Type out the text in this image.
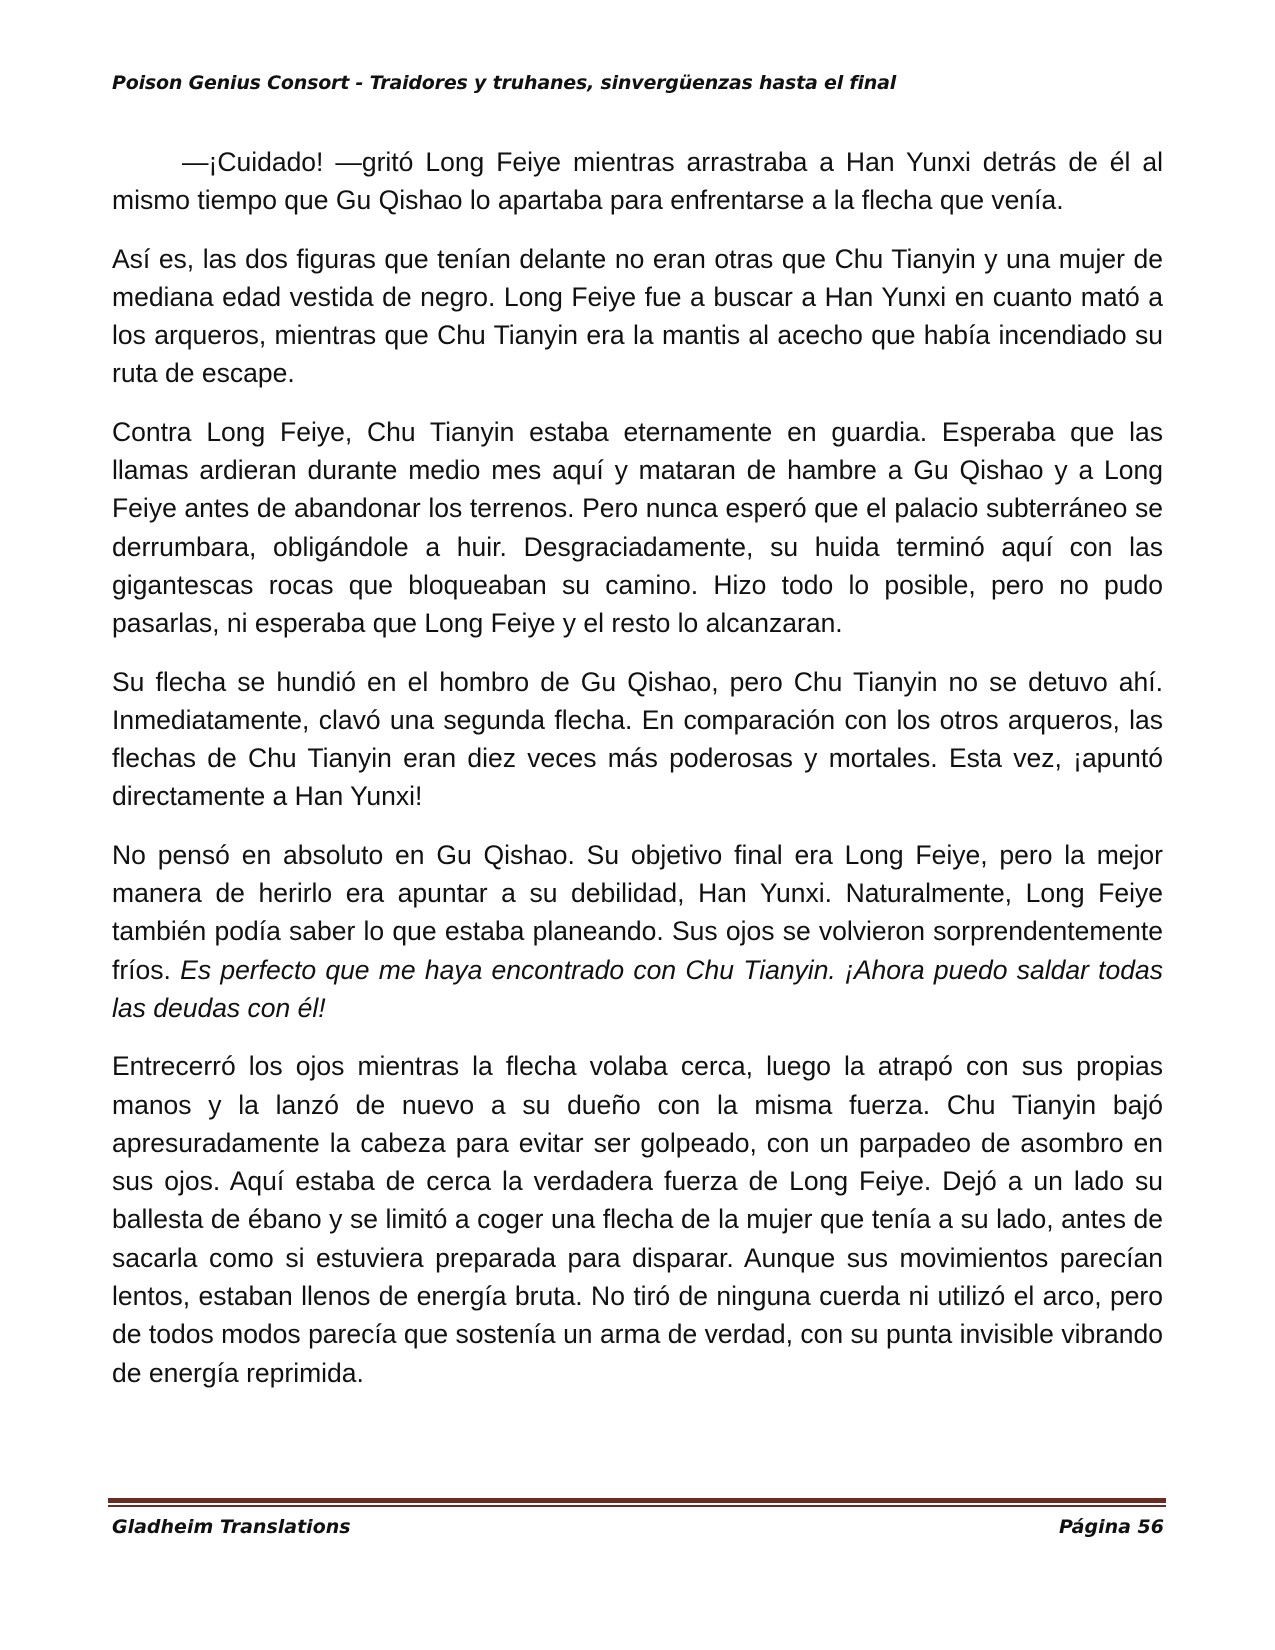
Poison Genius Consort - Traidores y truhanes, sinvergüenzas hasta el final

—¡Cuidado! —gritó Long Feiye mientras arrastraba a Han Yunxi detrás de él al mismo tiempo que Gu Qishao lo apartaba para enfrentarse a la flecha que venía.

Así es, las dos figuras que tenían delante no eran otras que Chu Tianyin y una mujer de mediana edad vestida de negro. Long Feiye fue a buscar a Han Yunxi en cuanto mató a los arqueros, mientras que Chu Tianyin era la mantis al acecho que había incendiado su ruta de escape.

Contra Long Feiye, Chu Tianyin estaba eternamente en guardia. Esperaba que las llamas ardieran durante medio mes aquí y mataran de hambre a Gu Qishao y a Long Feiye antes de abandonar los terrenos. Pero nunca esperó que el palacio subterráneo se derrumbara, obligándole a huir. Desgraciadamente, su huida terminó aquí con las gigantescas rocas que bloqueaban su camino. Hizo todo lo posible, pero no pudo pasarlas, ni esperaba que Long Feiye y el resto lo alcanzaran.

Su flecha se hundió en el hombro de Gu Qishao, pero Chu Tianyin no se detuvo ahí. Inmediatamente, clavó una segunda flecha. En comparación con los otros arqueros, las flechas de Chu Tianyin eran diez veces más poderosas y mortales. Esta vez, ¡apuntó directamente a Han Yunxi!

No pensó en absoluto en Gu Qishao. Su objetivo final era Long Feiye, pero la mejor manera de herirlo era apuntar a su debilidad, Han Yunxi. Naturalmente, Long Feiye también podía saber lo que estaba planeando. Sus ojos se volvieron sorprendentemente fríos. Es perfecto que me haya encontrado con Chu Tianyin. ¡Ahora puedo saldar todas las deudas con él!

Entrecerró los ojos mientras la flecha volaba cerca, luego la atrapó con sus propias manos y la lanzó de nuevo a su dueño con la misma fuerza. Chu Tianyin bajó apresuradamente la cabeza para evitar ser golpeado, con un parpadeo de asombro en sus ojos. Aquí estaba de cerca la verdadera fuerza de Long Feiye. Dejó a un lado su ballesta de ébano y se limitó a coger una flecha de la mujer que tenía a su lado, antes de sacarla como si estuviera preparada para disparar. Aunque sus movimientos parecían lentos, estaban llenos de energía bruta. No tiró de ninguna cuerda ni utilizó el arco, pero de todos modos parecía que sostenía un arma de verdad, con su punta invisible vibrando de energía reprimida.

Gladheim Translations	Página 56
